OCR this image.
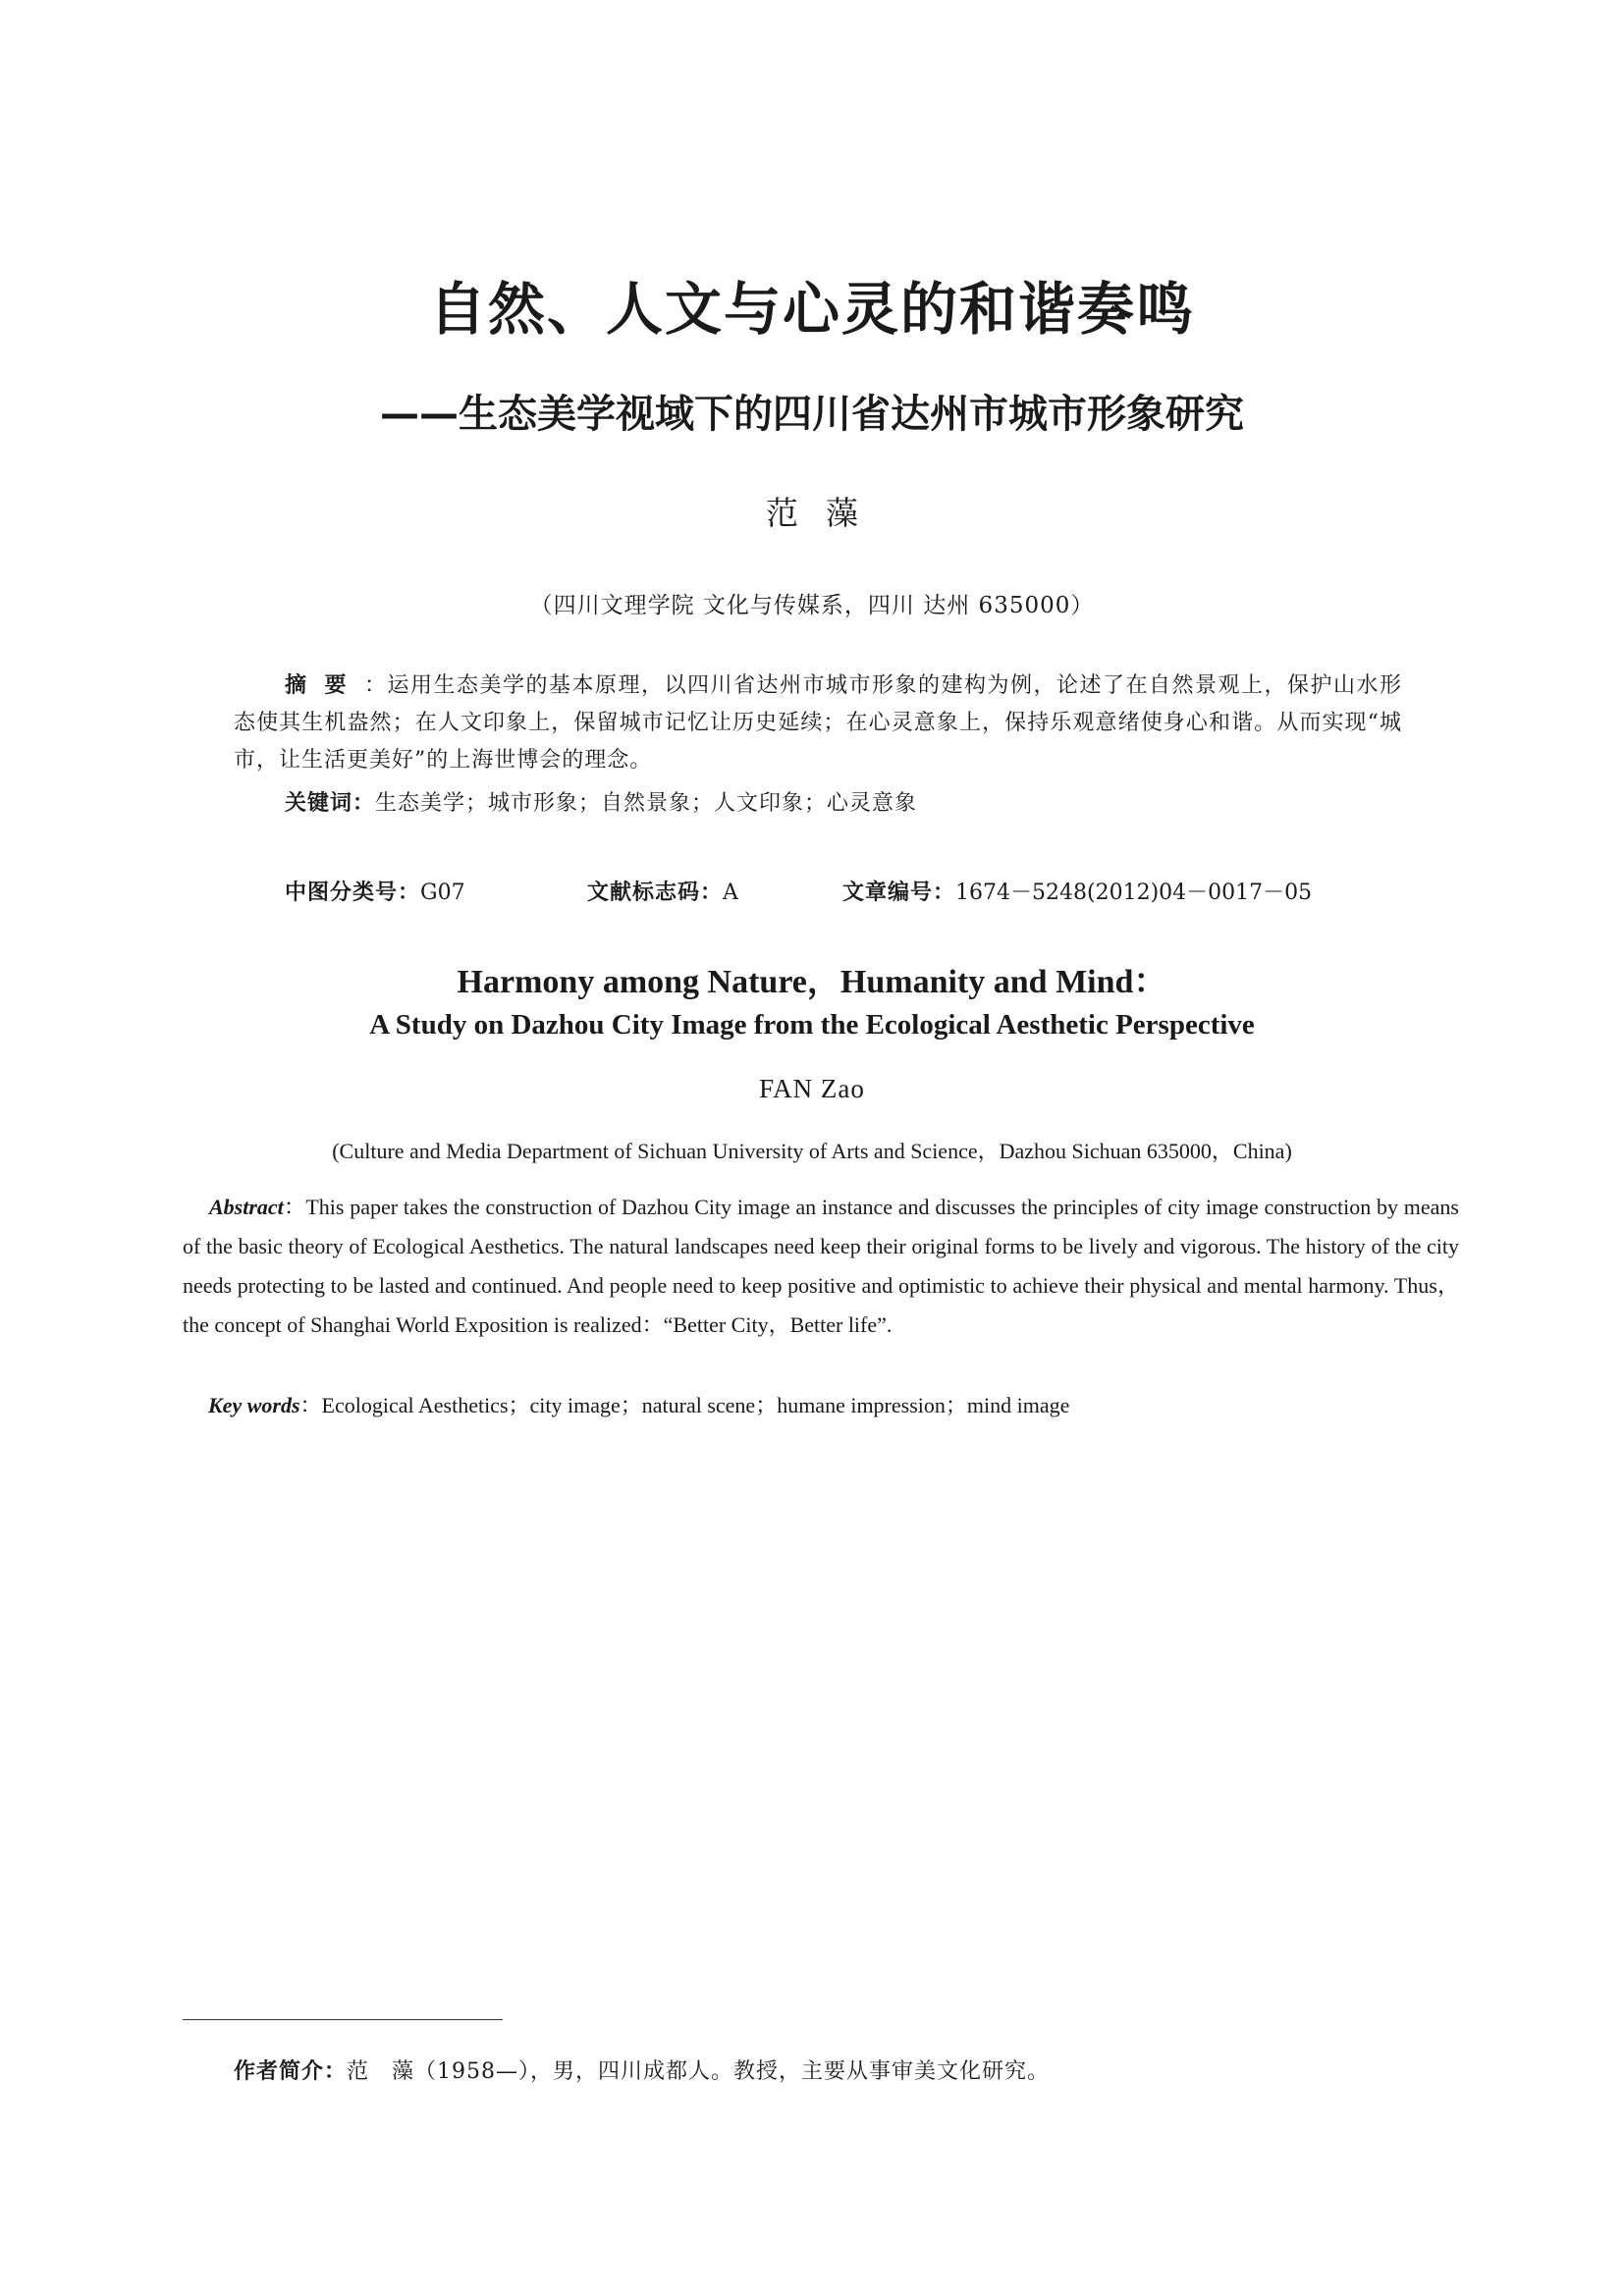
自然、人文与心灵的和谐奏鸣
——生态美学视域下的四川省达州市城市形象研究
范藻
（四川文理学院 文化与传媒系，四川 达州 635000）
摘要：运用生态美学的基本原理，以四川省达州市城市形象的建构为例，论述了在自然景观上，保护山水形态使其生机盎然；在人文印象上，保留城市记忆让历史延续；在心灵意象上，保持乐观意绪使身心和谐。从而实现“城市，让生活更美好”的上海世博会的理念。
关键词：生态美学；城市形象；自然景象；人文印象；心灵意象
中图分类号：G07	文献标志码：A	文章编号：1674－5248(2012)04－0017－05
Harmony among Nature，Humanity and Mind：
A Study on Dazhou City Image from the Ecological Aesthetic Perspective
FAN Zao
(Culture and Media Department of Sichuan University of Arts and Science，Dazhou Sichuan 635000，China)
Abstract：This paper takes the construction of Dazhou City image an instance and discusses the principles of city image construction by means of the basic theory of Ecological Aesthetics. The natural landscapes need keep their original forms to be lively and vigorous. The history of the city needs protecting to be lasted and continued. And people need to keep positive and optimistic to achieve their physical and mental harmony. Thus，the concept of Shanghai World Exposition is realized：“Better City，Better life”.
Key words：Ecological Aesthetics；city image；natural scene；humane impression；mind image
作者简介：范　藻（1958—），男，四川成都人。教授，主要从事审美文化研究。
